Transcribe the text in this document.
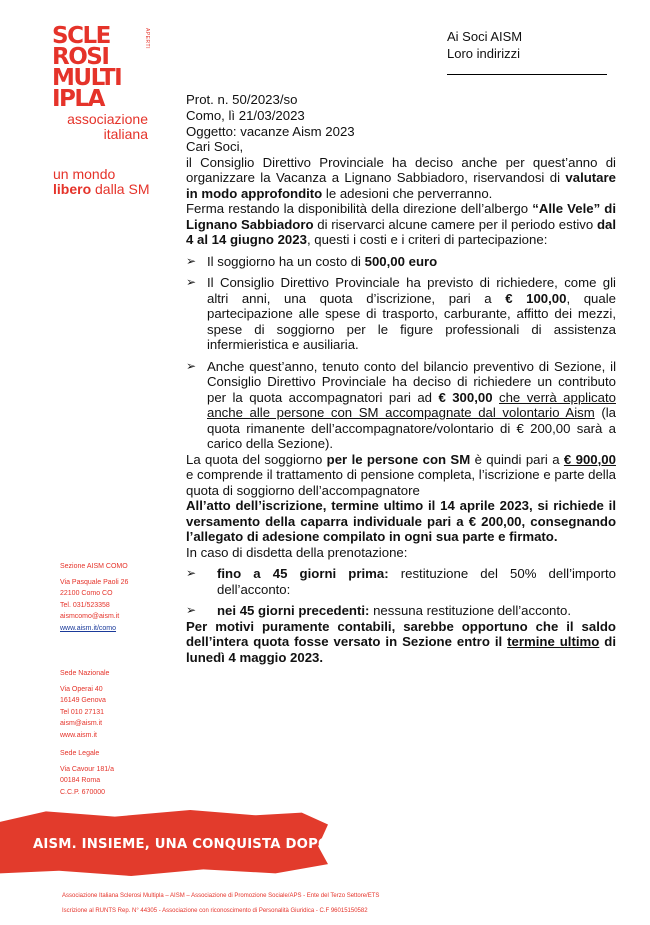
SCLE
ROSI
MULTI
IPLA
APERTI
associazione
italiana
un mondo
libero dalla SM
Ai Soci AISM
Loro indirizzi
Sezione AISM COMO
Via Pasquale Paoli 26
22100 Como CO
Tel. 031/523358
aismcomo@aism.it
www.aism.it/como
Sede Nazionale
Via Operai 40
16149 Genova
Tel 010 27131
aism@aism.it
www.aism.it
Sede Legale
Via Cavour 181/a
00184 Roma
C.C.P. 670000
Prot. n. 50/2023/so
Como, lì 21/03/2023
Oggetto: vacanze Aism 2023

Cari Soci,

il Consiglio Direttivo Provinciale ha deciso anche per quest’anno di organizzare la Vacanza a Lignano Sabbiadoro, riservandosi di valutare in modo approfondito le adesioni che perverranno.

Ferma restando la disponibilità della direzione dell’albergo “Alle Vele” di Lignano Sabbiadoro di riservarci alcune camere per il periodo estivo dal 4 al 14 giugno 2023, questi i costi e i criteri di partecipazione:

➢ Il soggiorno ha un costo di 500,00 euro
➢ Il Consiglio Direttivo Provinciale ha previsto di richiedere, come gli altri anni, una quota d’iscrizione, pari a € 100,00, quale partecipazione alle spese di trasporto, carburante, affitto dei mezzi, spese di soggiorno per le figure professionali di assistenza infermieristica e ausiliaria.
➢ Anche quest’anno, tenuto conto del bilancio preventivo di Sezione, il Consiglio Direttivo Provinciale ha deciso di richiedere un contributo per la quota accompagnatori pari ad € 300,00 che verrà applicato anche alle persone con SM accompagnate dal volontario Aism (la quota rimanente dell’accompagnatore/volontario di € 200,00 sarà a carico della Sezione).

La quota del soggiorno per le persone con SM è quindi pari a € 900,00 e comprende il trattamento di pensione completa, l’iscrizione e parte della quota di soggiorno dell’accompagnatore

All’atto dell’iscrizione, termine ultimo il 14 aprile 2023, si richiede il versamento della caparra individuale pari a € 200,00, consegnando l’allegato di adesione compilato in ogni sua parte e firmato.

In caso di disdetta della prenotazione:

➢ fino a 45 giorni prima: restituzione del 50% dell’importo dell’acconto:
➢ nei 45 giorni precedenti: nessuna restituzione dell’acconto.

Per motivi puramente contabili, sarebbe opportuno che il saldo dell’intera quota fosse versato in Sezione entro il termine ultimo di lunedì 4 maggio 2023.

AISM. INSIEME, UNA CONQUISTA DOPO L’ALTRA
Associazione Italiana Sclerosi Multipla – AISM – Associazione di Promozione Sociale/APS - Ente del Terzo Settore/ETS
Iscrizione al RUNTS Rep. N° 44305 - Associazione con riconoscimento di Personalità Giuridica - C.F 96015150582
